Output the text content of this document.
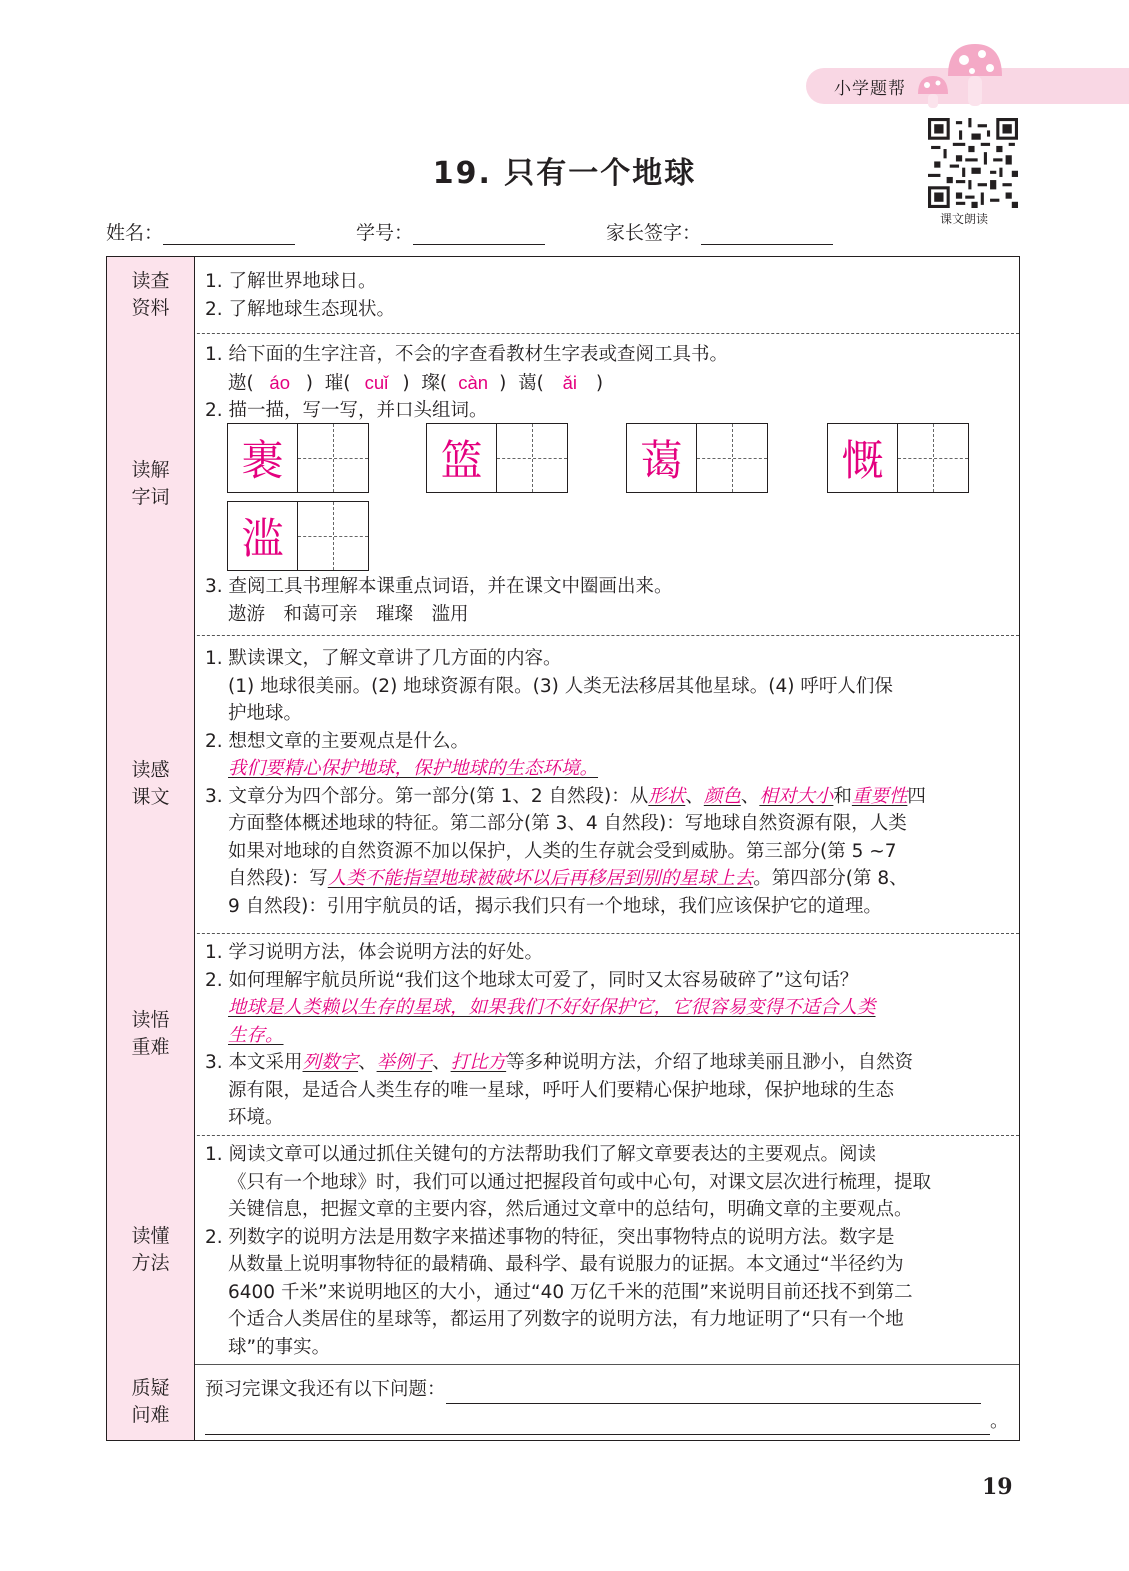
小学题帮
课文朗读
19. 只有一个地球
姓名：	学号：	家长签字：
读查资料
1. 了解世界地球日。
2. 了解地球生态现状。
读解字词
1. 给下面的生字注音，不会的字查看教材生字表或查阅工具书。
遨( áo ) 璀( cuǐ ) 璨( càn ) 蔼( ǎi )
2. 描一描，写一写，并口头组词。
裹	篮	蔼	慨
滥
3. 查阅工具书理解本课重点词语，并在课文中圈画出来。
遨游　和蔼可亲　璀璨　滥用
读感课文
1. 默读课文，了解文章讲了几方面的内容。
(1) 地球很美丽。(2) 地球资源有限。(3) 人类无法移居其他星球。(4) 呼吁人们保
护地球。
2. 想想文章的主要观点是什么。
我们要精心保护地球，保护地球的生态环境。
3. 文章分为四个部分。第一部分(第 1、2 自然段)：从形状、颜色、相对大小和重要性四
方面整体概述地球的特征。第二部分(第 3、4 自然段)：写地球自然资源有限，人类
如果对地球的自然资源不加以保护，人类的生存就会受到威胁。第三部分(第 5 ~7
自然段)：写人类不能指望地球被破坏以后再移居到别的星球上去。第四部分(第 8、
9 自然段)：引用宇航员的话，揭示我们只有一个地球，我们应该保护它的道理。
读悟重难
1. 学习说明方法，体会说明方法的好处。
2. 如何理解宇航员所说“我们这个地球太可爱了，同时又太容易破碎了”这句话？
地球是人类赖以生存的星球，如果我们不好好保护它，它很容易变得不适合人类
生存。
3. 本文采用列数字、举例子、打比方等多种说明方法，介绍了地球美丽且渺小，自然资
源有限，是适合人类生存的唯一星球，呼吁人们要精心保护地球，保护地球的生态
环境。
读懂方法
1. 阅读文章可以通过抓住关键句的方法帮助我们了解文章要表达的主要观点。阅读
《只有一个地球》时，我们可以通过把握段首句或中心句，对课文层次进行梳理，提取
关键信息，把握文章的主要内容，然后通过文章中的总结句，明确文章的主要观点。
2. 列数字的说明方法是用数字来描述事物的特征，突出事物特点的说明方法。数字是
从数量上说明事物特征的最精确、最科学、最有说服力的证据。本文通过“半径约为
6400 千米”来说明地区的大小，通过“40 万亿千米的范围”来说明目前还找不到第二
个适合人类居住的星球等，都运用了列数字的说明方法，有力地证明了“只有一个地
球”的事实。
质疑问难
预习完课文我还有以下问题：
。
19
